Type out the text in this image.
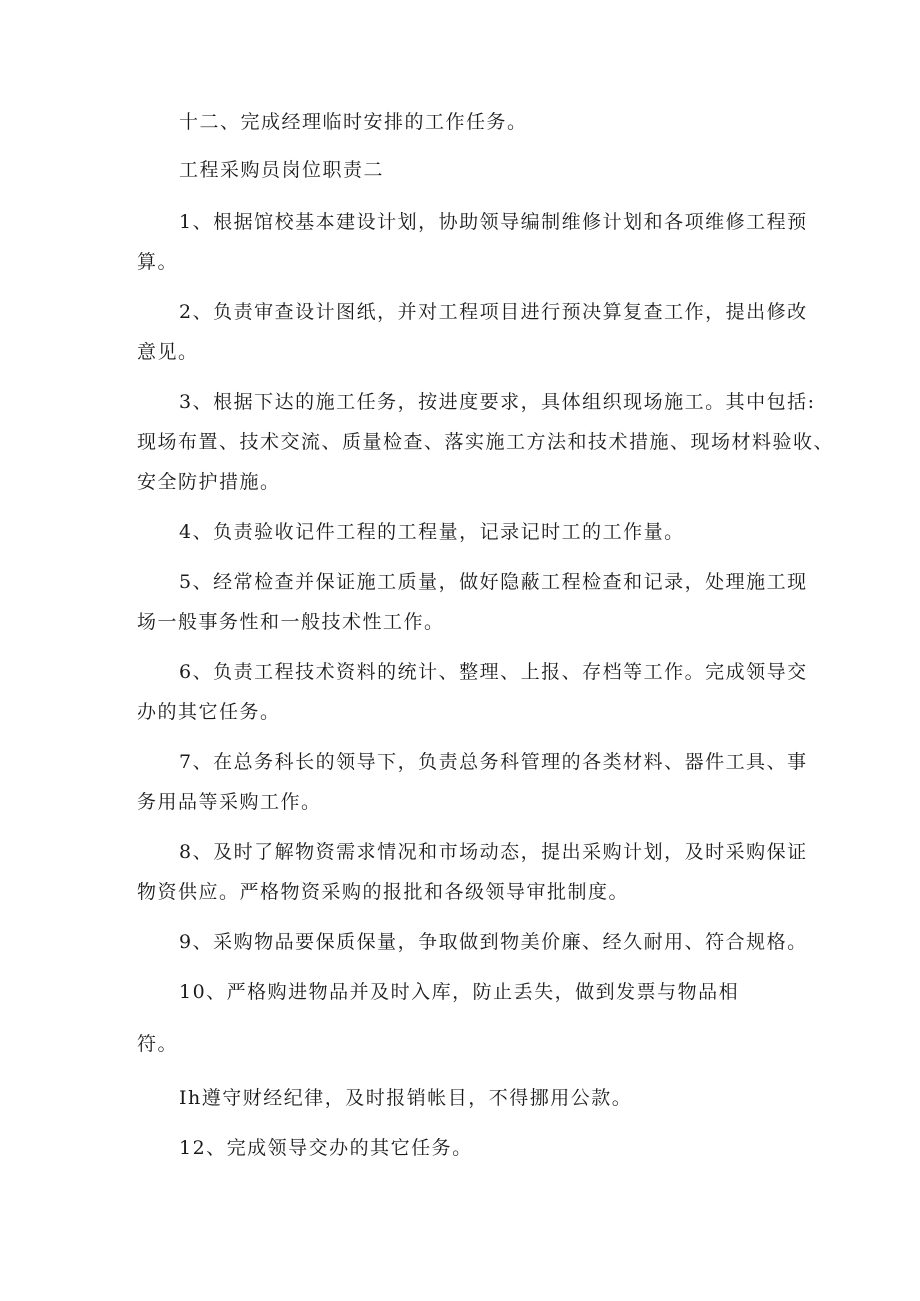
十二、完成经理临时安排的工作任务。

工程采购员岗位职责二

1、根据馆校基本建设计划，协助领导编制维修计划和各项维修工程预
算。

2、负责审查设计图纸，并对工程项目进行预决算复查工作，提出修改
意见。

3、根据下达的施工任务，按进度要求，具体组织现场施工。其中包括:
现场布置、技术交流、质量检查、落实施工方法和技术措施、现场材料验收、
安全防护措施。

4、负责验收记件工程的工程量，记录记时工的工作量。

5、经常检查并保证施工质量，做好隐蔽工程检查和记录，处理施工现
场一般事务性和一般技术性工作。

6、负责工程技术资料的统计、整理、上报、存档等工作。完成领导交
办的其它任务。

7、在总务科长的领导下，负责总务科管理的各类材料、器件工具、事
务用品等采购工作。

8、及时了解物资需求情况和市场动态，提出采购计划，及时采购保证
物资供应。严格物资采购的报批和各级领导审批制度。

9、采购物品要保质保量，争取做到物美价廉、经久耐用、符合规格。

10、严格购进物品并及时入库，防止丢失，做到发票与物品相

符。

Ih遵守财经纪律，及时报销帐目，不得挪用公款。

12、完成领导交办的其它任务。
